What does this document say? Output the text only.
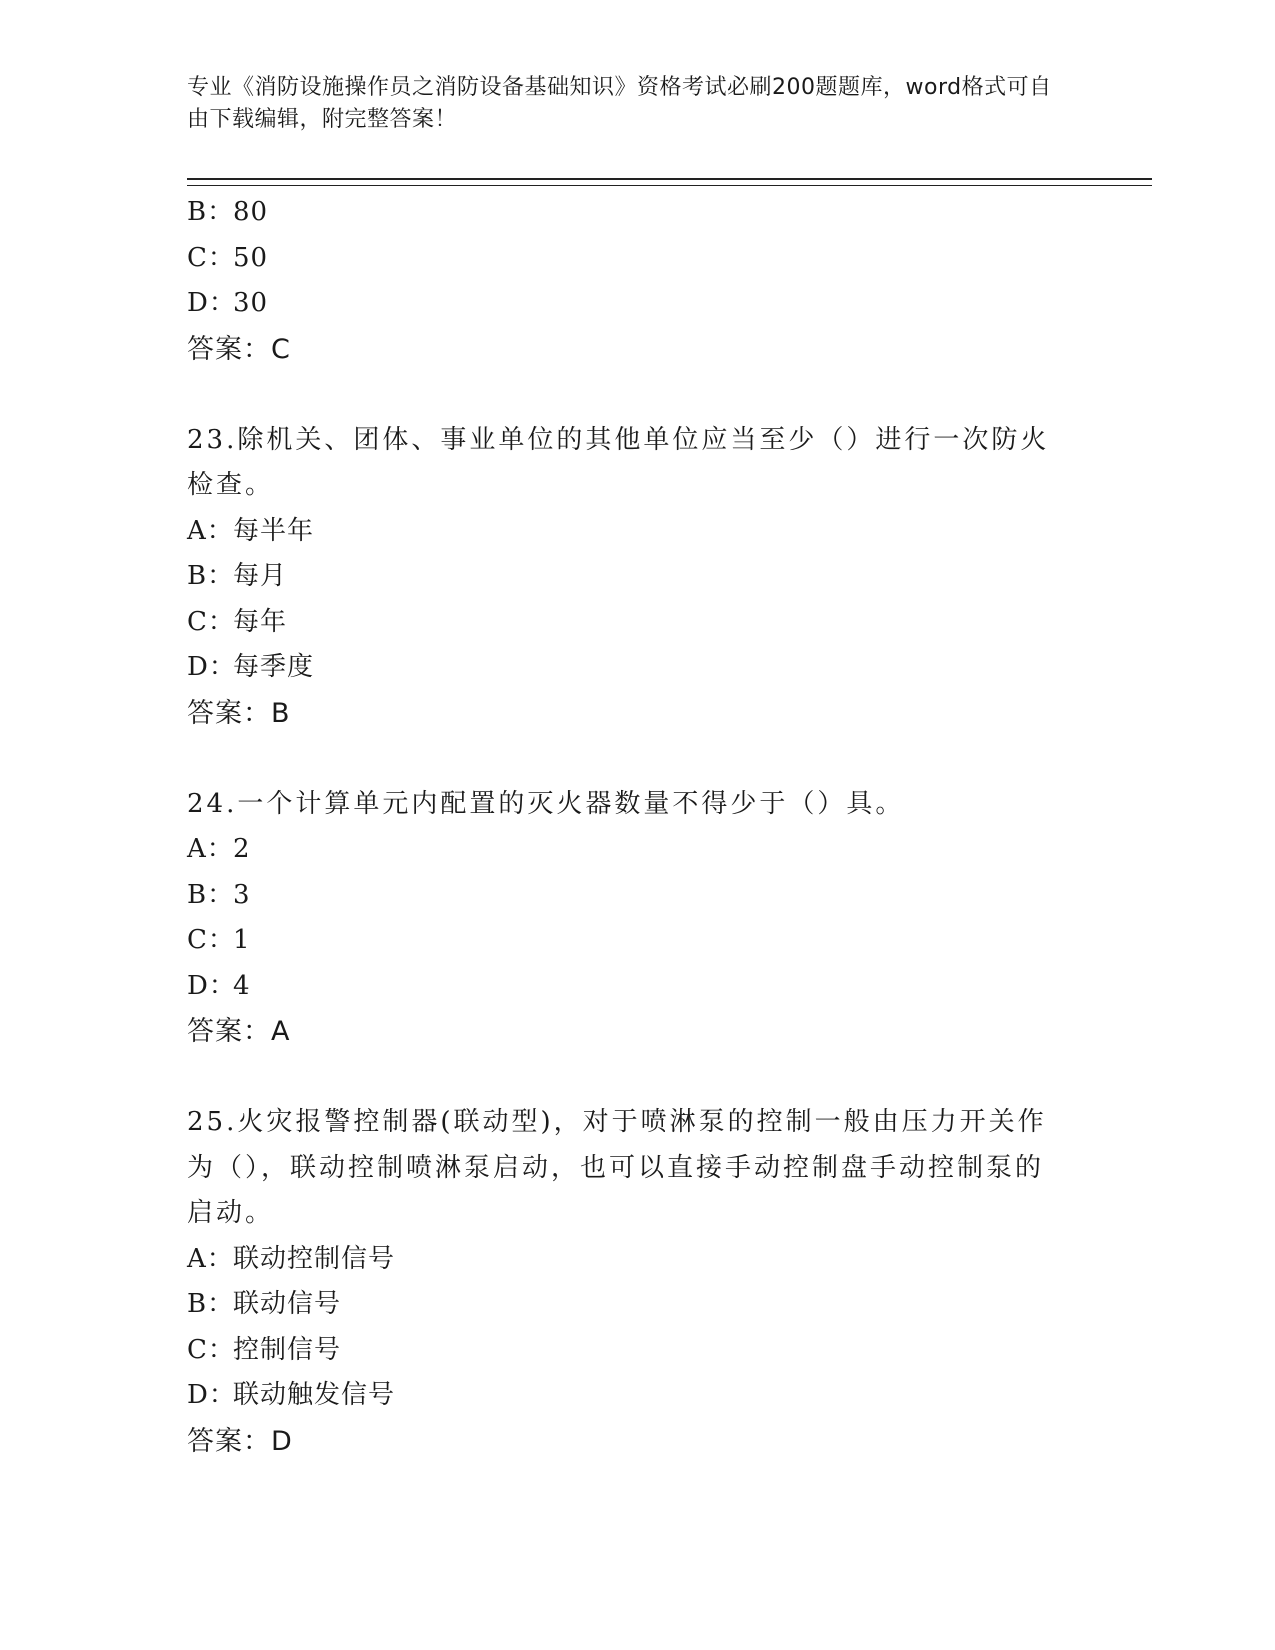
专业《消防设施操作员之消防设备基础知识》资格考试必刷200题题库，word格式可自由下载编辑，附完整答案！
B：80
C：50
D：30
答案：C
23.除机关、团体、事业单位的其他单位应当至少（）进行一次防火检查。
A：每半年
B：每月
C：每年
D：每季度
答案：B
24.一个计算单元内配置的灭火器数量不得少于（）具。
A：2
B：3
C：1
D：4
答案：A
25.火灾报警控制器(联动型)，对于喷淋泵的控制一般由压力开关作为（），联动控制喷淋泵启动，也可以直接手动控制盘手动控制泵的启动。
A：联动控制信号
B：联动信号
C：控制信号
D：联动触发信号
答案：D
